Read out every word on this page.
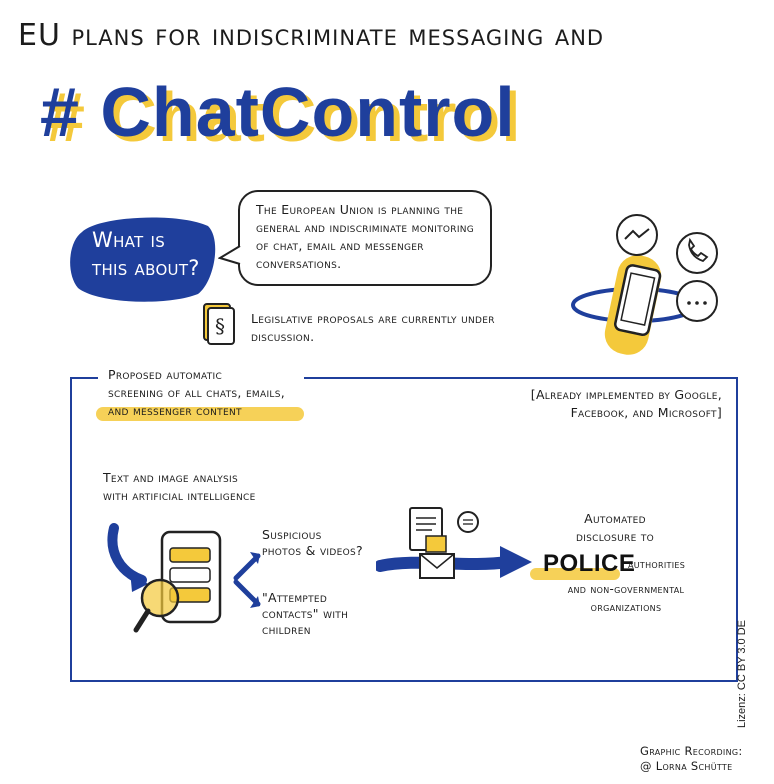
EU plans for indiscriminate messaging and
# ChatControl
What is this about?
The European Union is planning the general and indiscriminate monitoring of chat, email and messenger conversations.
§ Legislative proposals are currently under discussion.
Proposed automatic
screening of all chats, emails,
and messenger content
[Already implemented by Google,
Facebook, and Microsoft]
Text and image analysis
with artificial intelligence
Suspicious
photos & videos?
"Attempted
contacts" with
children
Automated
disclosure to
POLICE
authorities
and non-governmental
organizations
Lizenz: CC BY 3.0 DE
Graphic Recording:
@ Lorna Schütte
